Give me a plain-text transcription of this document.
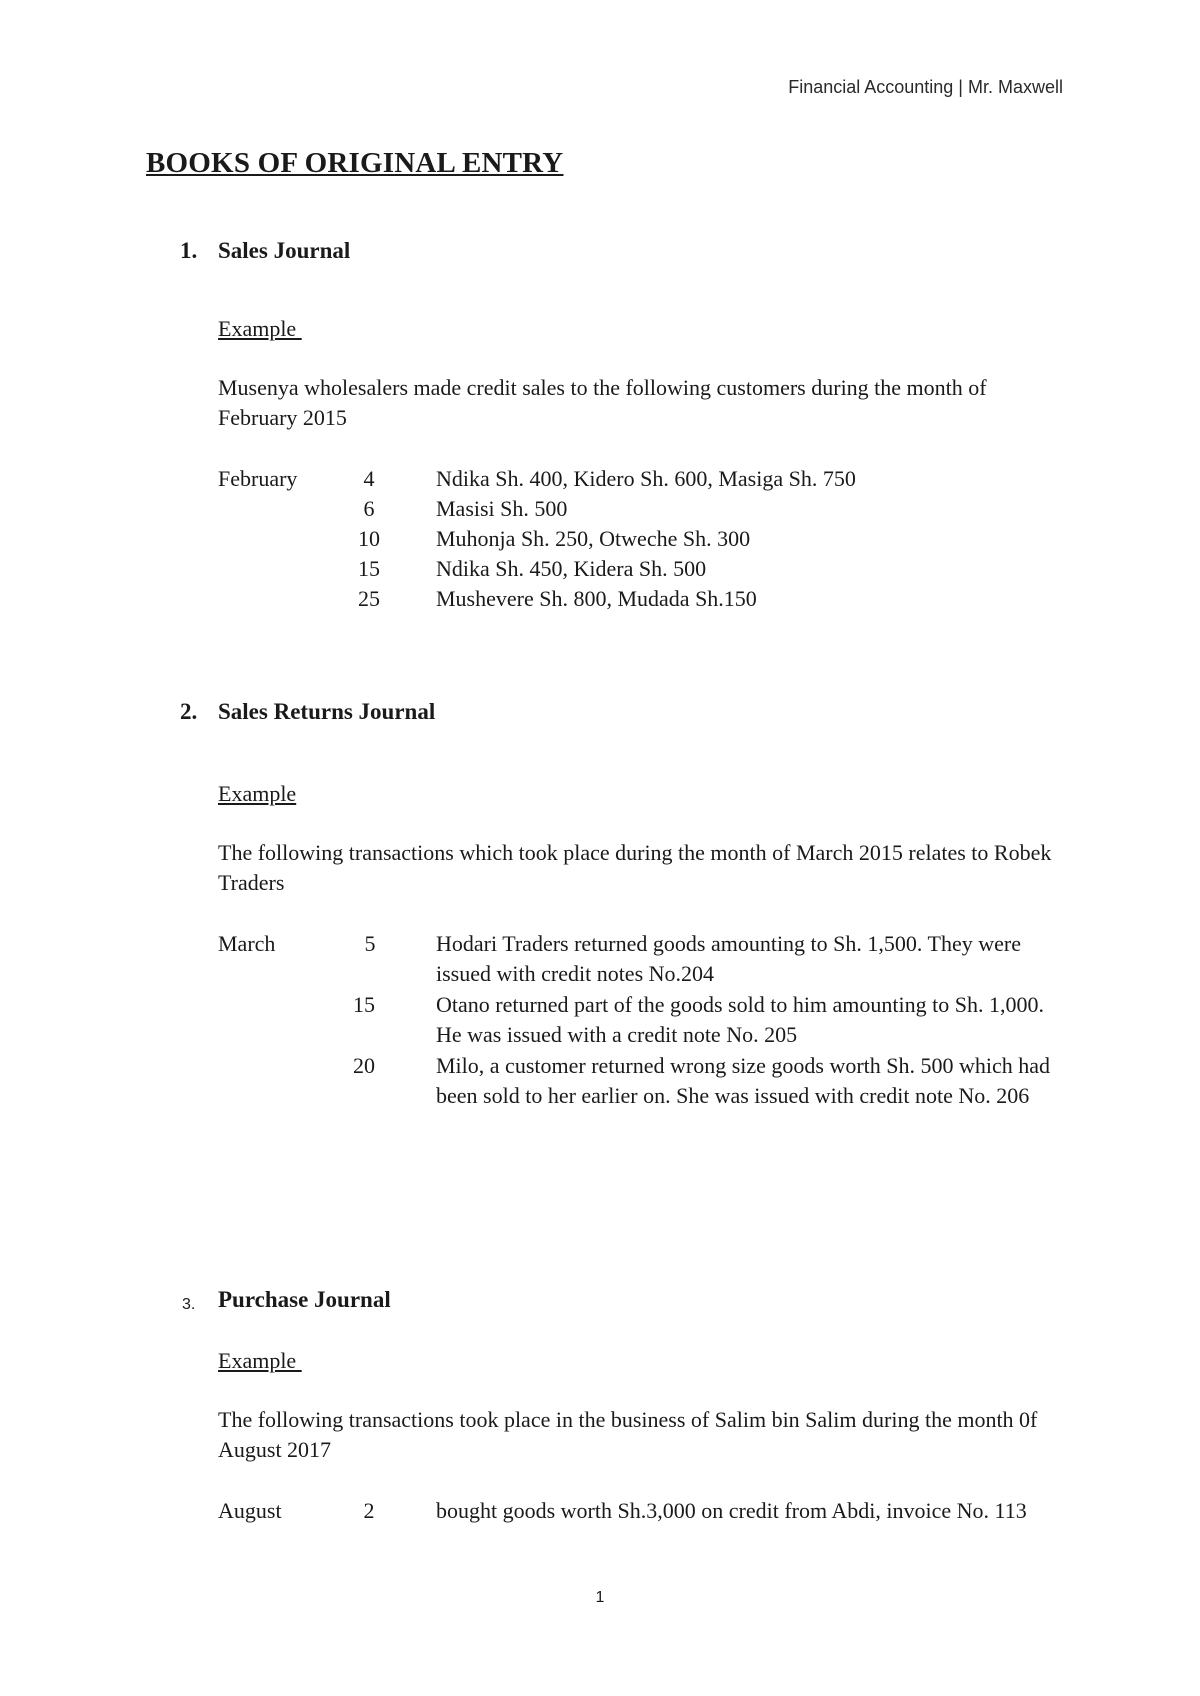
Financial Accounting | Mr. Maxwell
BOOKS OF ORIGINAL ENTRY
1. Sales Journal
Example
Musenya wholesalers made credit sales to the following customers during the month of February 2015
February	4	Ndika Sh. 400, Kidero Sh. 600, Masiga Sh. 750
6	Masisi Sh. 500
10	Muhonja Sh. 250, Otweche Sh. 300
15	Ndika Sh. 450, Kidera Sh. 500
25	Mushevere Sh. 800, Mudada Sh.150
2. Sales Returns Journal
Example
The following transactions which took place during the month of March 2015 relates to Robek Traders
March	5	Hodari Traders returned goods amounting to Sh. 1,500. They were issued with credit notes No.204
15	Otano returned part of the goods sold to him amounting to Sh. 1,000. He was issued with a credit note No. 205
20	Milo, a customer returned wrong size goods worth Sh. 500 which had been sold to her earlier on. She was issued with credit note No. 206
3. Purchase Journal
Example
The following transactions took place in the business of Salim bin Salim during the month 0f August 2017
August	2	bought goods worth Sh.3,000 on credit from Abdi, invoice No. 113
1
